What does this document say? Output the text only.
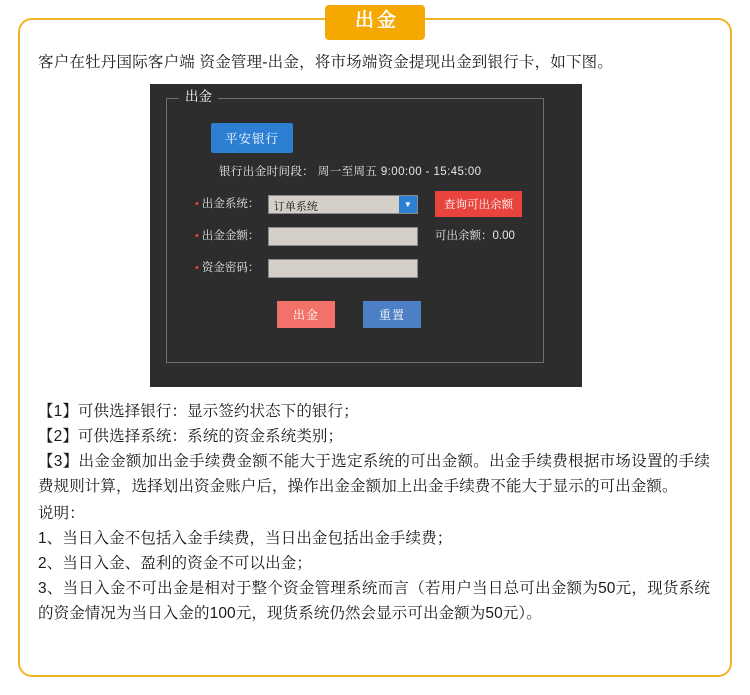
出金

客户在牡丹国际客户端 资金管理-出金，将市场端资金提现出金到银行卡，如下图。

出金
平安银行
银行出金时间段： 周一至周五 9:00:00 - 15:45:00
• 出金系统： 订单系统	▼
• 出金金额：
• 资金密码：
查询可出余额
可出余额：0.00
出金	重置

【1】可供选择银行：显示签约状态下的银行；

【2】可供选择系统：系统的资金系统类别；

【3】出金金额加出金手续费金额不能大于选定系统的可出金额。出金手续费根据市场设置的手续费规则计算，选择划出资金账户后，操作出金金额加上出金手续费不能大于显示的可出金额。

说明：

1、当日入金不包括入金手续费，当日出金包括出金手续费；

2、当日入金、盈利的资金不可以出金；

3、当日入金不可出金是相对于整个资金管理系统而言（若用户当日总可出金额为50元，现货系统的资金情况为当日入金的100元，现货系统仍然会显示可出金额为50元）。
